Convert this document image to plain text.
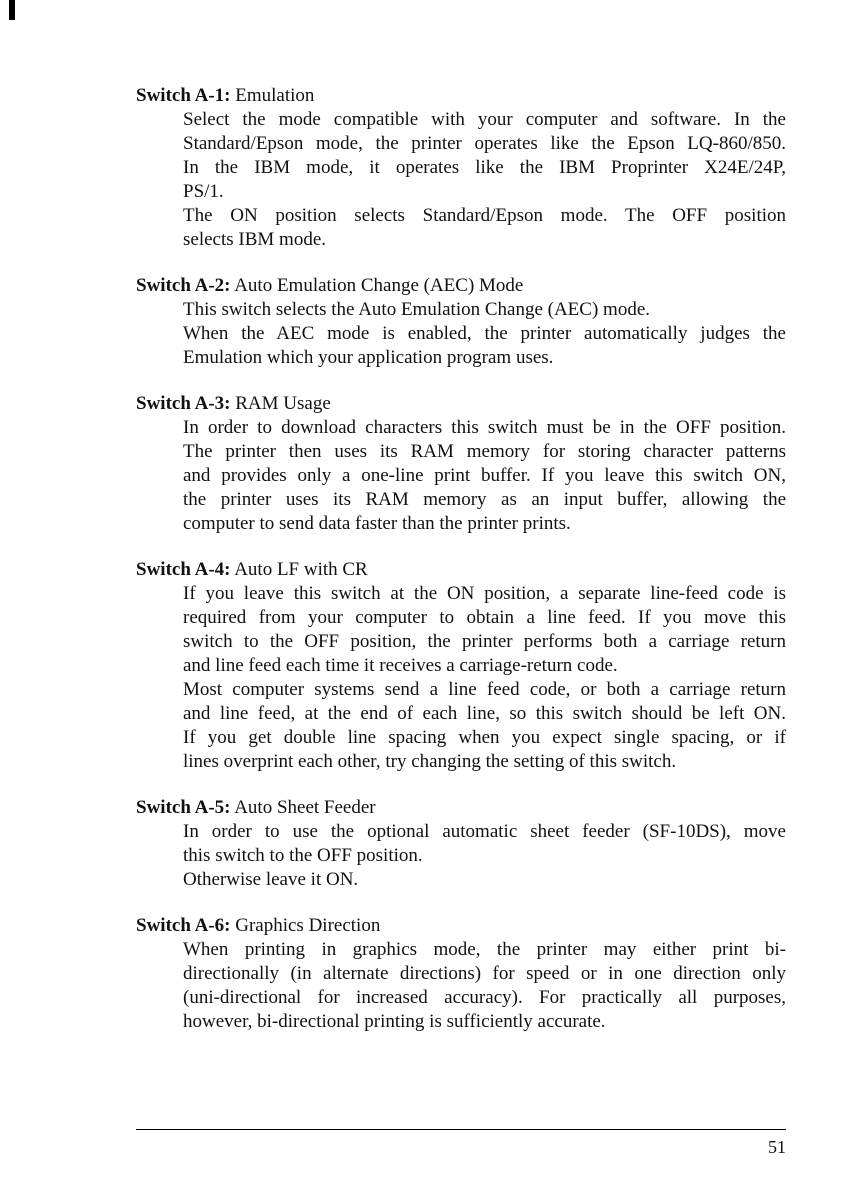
Switch A-1: Emulation
Select the mode compatible with your computer and software. In the
Standard/Epson mode, the printer operates like the Epson LQ-860/850.
In the IBM mode, it operates like the IBM Proprinter X24E/24P,
PS/1.
The ON position selects Standard/Epson mode. The OFF position
selects IBM mode.
Switch A-2: Auto Emulation Change (AEC) Mode
This switch selects the Auto Emulation Change (AEC) mode.
When the AEC mode is enabled, the printer automatically judges the
Emulation which your application program uses.
Switch A-3: RAM Usage
In order to download characters this switch must be in the OFF position.
The printer then uses its RAM memory for storing character patterns
and provides only a one-line print buffer. If you leave this switch ON,
the printer uses its RAM memory as an input buffer, allowing the
computer to send data faster than the printer prints.
Switch A-4: Auto LF with CR
If you leave this switch at the ON position, a separate line-feed code is
required from your computer to obtain a line feed. If you move this
switch to the OFF position, the printer performs both a carriage return
and line feed each time it receives a carriage-return code.
Most computer systems send a line feed code, or both a carriage return
and line feed, at the end of each line, so this switch should be left ON.
If you get double line spacing when you expect single spacing, or if
lines overprint each other, try changing the setting of this switch.
Switch A-5: Auto Sheet Feeder
In order to use the optional automatic sheet feeder (SF-10DS), move
this switch to the OFF position.
Otherwise leave it ON.
Switch A-6: Graphics Direction
When printing in graphics mode, the printer may either print bi-
directionally (in alternate directions) for speed or in one direction only
(uni-directional for increased accuracy). For practically all purposes,
however, bi-directional printing is sufficiently accurate.
51
